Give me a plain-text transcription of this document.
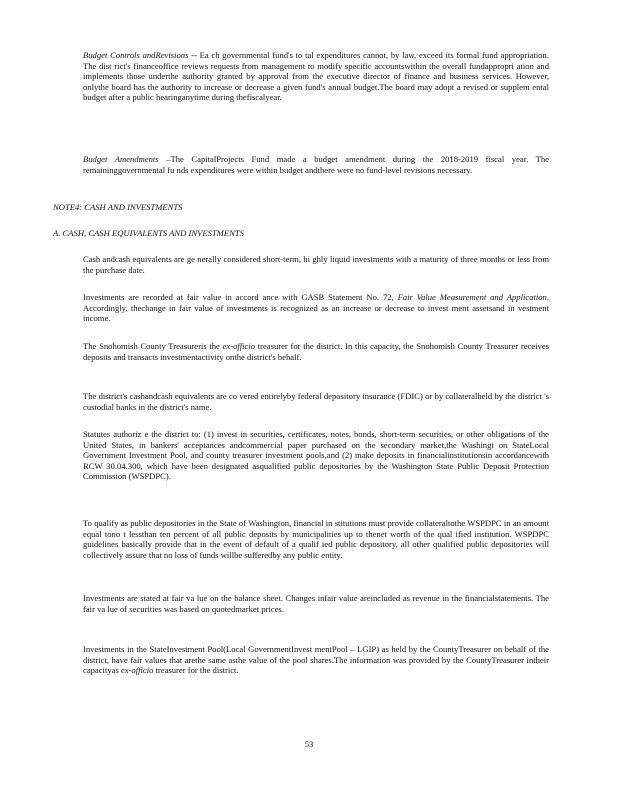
Budget Controls andRevisions -- Ea ch governmental fund's to tal expenditures cannot, by law, exceed its formal fund appropriation. The dist rict's financeoffice reviews requests from management to modify specific accountswithin the overall fundappropri ation and implements those underthe authority granted by approval from the executive director of finance and business services. However, onlythe board has the authority to increase or decrease a given fund's annual budget.The board may adopt a revised or supplem ental budget after a public hearinganytime during thefiscalyear.

Budget Amendments –The CapitalProjects Fund made a budget amendment during the 2018-2019 fiscal year. The remaininggovernmental fu nds expenditures were within budget andthere were no fund-level revisions necessary.

NOTE4: CASH AND INVESTMENTS
A. CASH, CASH EQUIVALENTS AND INVESTMENTS

Cash andcash equivalents are ge nerally considered short-term, hi ghly liquid investments with a maturity of three months or less from the purchase date.

Investments are recorded at fair value in accord ance with GASB Statement No. 72, Fair Value Measurement and Application. Accordingly, thechange in fair value of investments is recognized as an increase or decrease to invest ment assetsand in vestment income.

The Snohomish County Treasureris the ex-officio treasurer for the district. In this capacity, the Snohomish County Treasurer receives deposits and transacts investmentactivity onthe district's behalf.

The district's cashandcash equivalents are co vered entirelyby federal depository insurance (FDIC) or by collateralheld by the district 's custodial banks in the district's name.

Statutes authoriz e the district to: (1) invest in securities, certificates, notes, bonds, short-term securities, or other obligations of the United States, in bankers' acceptances andcommercial paper purchased on the secondary market,the Washingt on StateLocal Government Investment Pool, and county treasurer investment pools,and (2) make deposits in financialinstitutionsin accordancewith RCW 30.04.300, which have been designated asqualified public depositories by the Washington State Public Deposit Protection Commission (WSPDPC).

To qualify as public depositories in the State of Washington, financial in stitutions must provide collateraltothe WSPDPC in an amount equal tono t lessthan ten percent of all public deposits by municipalities up to thenet worth of the qual ified institution. WSPDPC guidelines basically provide that in the event of default of a qualif ied public depository, all other qualified public depositories will collectively assure that no loss of funds willbe sufferedby any public entity.

Investments are stated at fair va lue on the balance sheet. Changes infair value areincluded as revenue in the financialstatements. The fair va lue of securities was based on quotedmarket prices.

Investments in the StateInvestment Pool(Local GovernmentInvest mentPool – LGIP) as held by the CountyTreasurer on behalf of the district, have fair values that arethe same asthe value of the pool shares.The information was provided by the CountyTreasurer intheir capacityas ex-officio treasurer for the district.

53
